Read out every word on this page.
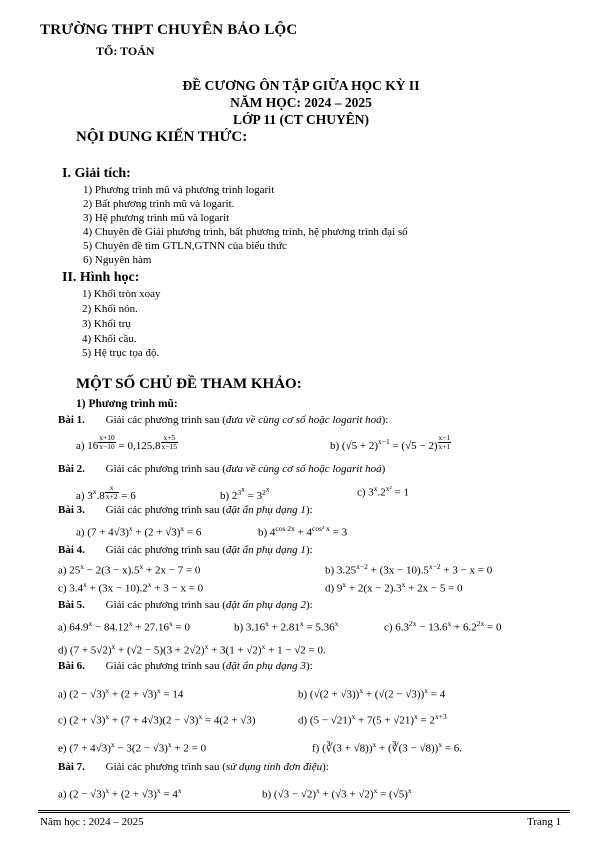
TRƯỜNG THPT CHUYÊN BẢO LỘC
TỔ: TOÁN
ĐỀ CƯƠNG ÔN TẬP GIỮA HỌC KỲ II
NĂM HỌC: 2024 – 2025
LỚP 11 (CT CHUYÊN)
NỘI DUNG KIẾN THỨC:
I. Giải tích:
1) Phương trình mũ và phương trình logarit
2) Bất phương trình mũ và logarit.
3) Hệ phương trình mũ và logarit
4) Chuyên đề Giải phương trình, bất phương trình, hệ phương trình đại số
5) Chuyên đề tìm GTLN,GTNN của biểu thức
6) Nguyên hàm
II. Hình học:
1) Khối tròn xoay
2) Khối nón.
3) Khối trụ
4) Khối cầu.
5) Hệ trục tọa độ.
MỘT SỐ CHỦ ĐỀ THAM KHẢO:
1) Phương trình mũ:
Bài 1. Giải các phương trình sau (đưa về cùng cơ số hoặc logarit hoá):
a) 16 $^{\frac{x+10}{x-10}}$ = 0,125.8 $^{\frac{x+5}{x-15}}$	b) $(√5 + 2)^{x-1} = (√5 - 2)$ $^{\frac{x-1}{x+1}}$
Bài 2. Giải các phương trình sau (đưa về cùng cơ số hoặc logarit hoá)
a) 3$^x$.8 $^{\frac{x}{x+2}}$ = 6	b) $2^{3^x} = 3^{2^x}$	c) $3^x.2^{x^2} = 1$
Bài 3. Giải các phương trình sau (đặt ẩn phụ dạng 1):
a) $(7 + 4√3)^x + (2 + √3)^x = 6$	b) $4^{cos 2x} + 4^{cos^2 x} = 3$
Bài 4. Giải các phương trình sau (đặt ẩn phụ dạng 1):
a) $25^x - 2(3 - x).5^x + 2x - 7 = 0$	b) $3.25^{x-2} + (3x - 10).5^{x-2} + 3 - x = 0$
c) $3.4^x + (3x - 10).2^x + 3 - x = 0$	d) $9^x + 2(x - 2).3^x + 2x - 5 = 0$
Bài 5. Giải các phương trình sau (đặt ẩn phụ dạng 2):
a) $64.9^x - 84.12^x + 27.16^x = 0$	b) $3.16^x + 2.81^x = 5.36^x$	c) $6.3^{2x} - 13.6^x + 6.2^{2x} = 0$
d) $(7 + 5√2)^x + (√2 - 5)(3 + 2√2)^x + 3(1 + √2)^x + 1 - √2 = 0$.
Bài 6. Giải các phương trình sau (đặt ẩn phụ dạng 3):
a) $(2 - √3)^x + (2 + √3)^x = 14$	b) $(√(2 + √3))^x + (√(2 - √3))^x = 4$
c) $(2 + √3)^x + (7 + 4√3)(2 - √3)^x = 4(2 + √3)$	d) $(5 - √21)^x + 7(5 + √21)^x = 2^{x+3}$
e) $(7 + 4√3)^x - 3(2 - √3)^x + 2 = 0$	f) (∛(3 + √8))$^x$ + (∛(3 − √8))$^x$ = 6.
Bài 7. Giải các phương trình sau (sử dụng tính đơn điệu):
a) $(2 - √3)^x + (2 + √3)^x = 4^x$	b) $(√3 - √2)^x + (√3 + √2)^x = (√5)^x$
Năm học : 2024 – 2025	Trang 1
